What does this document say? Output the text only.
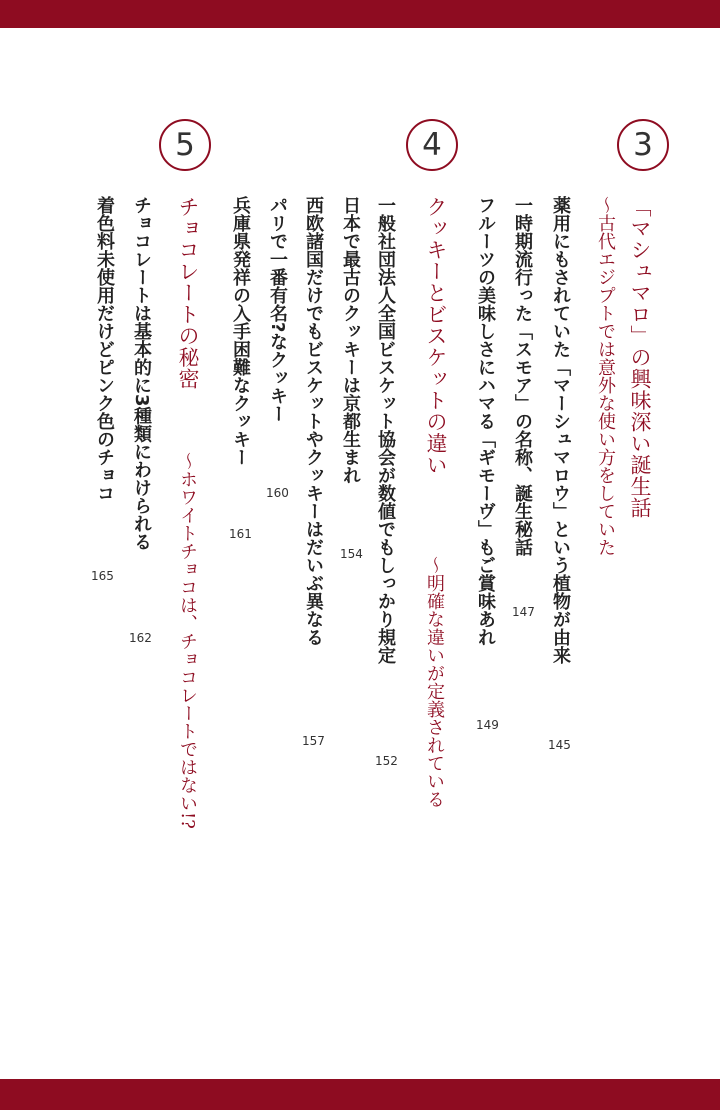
3
「マシュマロ」の興味深い誕生話
～古代エジプトでは意外な使い方をしていた
薬用にもされていた「マーシュマロウ」という植物が由来
145
一時期流行った「スモア」の名称、誕生秘話
147
フルーツの美味しさにハマる「ギモーヴ」もご賞味あれ
149
4
クッキーとビスケットの違い
～明確な違いが定義されている
一般社団法人全国ビスケット協会が数値でもしっかり規定
152
日本で最古のクッキーは京都生まれ
154
西欧諸国だけでもビスケットやクッキーはだいぶ異なる
157
パリで一番有名?なクッキー
160
兵庫県発祥の入手困難なクッキー
161
5
チョコレートの秘密
～ホワイトチョコは、チョコレートではない!?
チョコレートは基本的に3種類にわけられる
162
着色料未使用だけどピンク色のチョコ
165
